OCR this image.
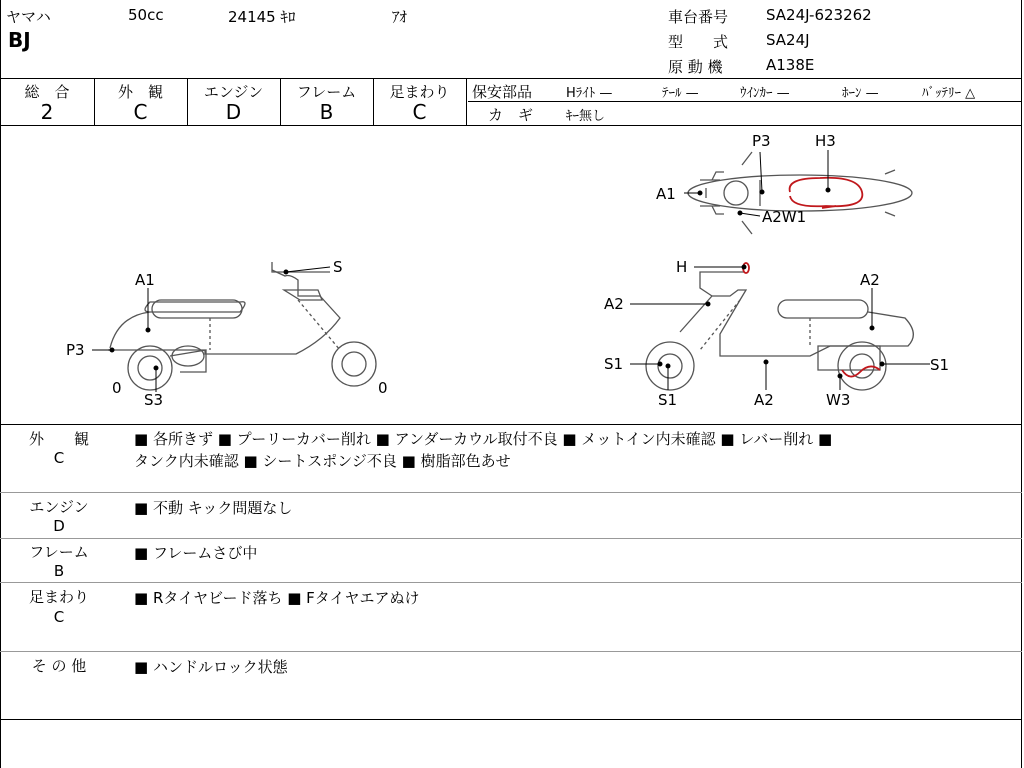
ヤマハ	50cc	24145 ｷﾛ	ｱｵ
BJ
車台番号	SA24J-623262
型　　式	SA24J
原 動 機	A138E
総　合
2
外　観
C
エンジン
D
フレーム
B
足まわり
C
保安部品	Hﾗｲﾄ —	ﾃｰﾙ —	ｳｲﾝｶｰ —	ﾎｰﾝ —	ﾊﾞｯﾃﾘｰ △
カ　ギ	ｷｰ無し
P3	H3
A1
A2W1
A1
S
P3
0
S3
0
H
A2
A2
S1	S1
S1	A2	W3
外　　観
C
■ 各所きず ■ プーリーカバー削れ ■ アンダーカウル取付不良 ■ メットイン内未確認 ■ レバー削れ ■
タンク内未確認 ■ シートスポンジ不良 ■ 樹脂部色あせ
エンジン
D
■ 不動 キック問題なし
フレーム
B
■ フレームさび中
足まわり
C
■ Rタイヤビード落ち ■ Fタイヤエアぬけ
そ の 他	■ ハンドルロック状態
